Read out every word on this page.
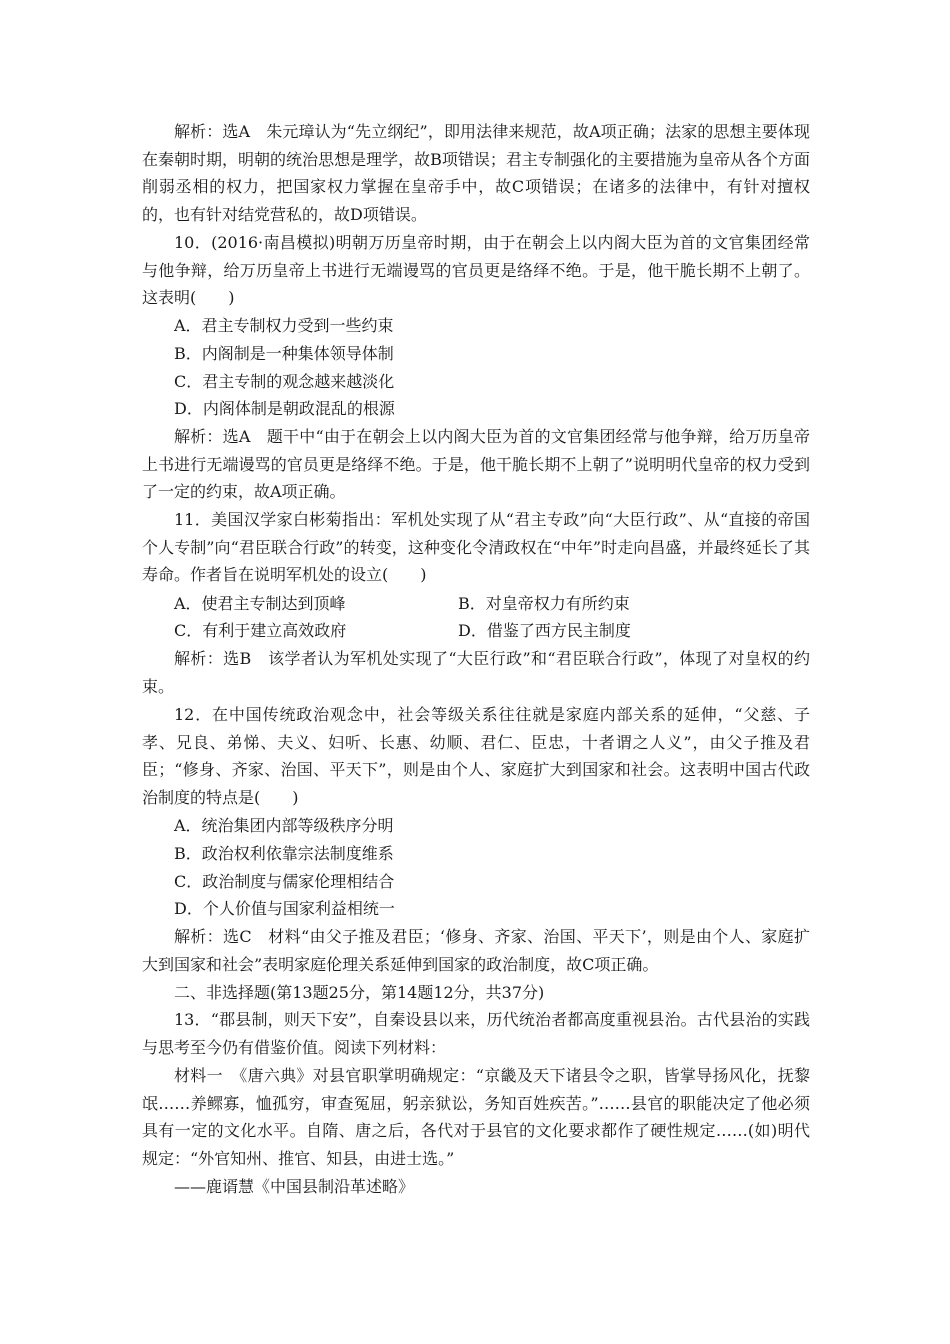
解析：选A　朱元璋认为“先立纲纪”，即用法律来规范，故A项正确；法家的思想主要体现在秦朝时期，明朝的统治思想是理学，故B项错误；君主专制强化的主要措施为皇帝从各个方面削弱丞相的权力，把国家权力掌握在皇帝手中，故C项错误；在诸多的法律中，有针对擅权的，也有针对结党营私的，故D项错误。

10．(2016·南昌模拟)明朝万历皇帝时期，由于在朝会上以内阁大臣为首的文官集团经常与他争辩，给万历皇帝上书进行无端谩骂的官员更是络绎不绝。于是，他干脆长期不上朝了。这表明(　　)

A．君主专制权力受到一些约束
B．内阁制是一种集体领导体制
C．君主专制的观念越来越淡化
D．内阁体制是朝政混乱的根源

解析：选A　题干中“由于在朝会上以内阁大臣为首的文官集团经常与他争辩，给万历皇帝上书进行无端谩骂的官员更是络绎不绝。于是，他干脆长期不上朝了”说明明代皇帝的权力受到了一定的约束，故A项正确。

11．美国汉学家白彬菊指出：军机处实现了从“君主专政”向“大臣行政”、从“直接的帝国个人专制”向“君臣联合行政”的转变，这种变化令清政权在“中年”时走向昌盛，并最终延长了其寿命。作者旨在说明军机处的设立(　　)

A．使君主专制达到顶峰	B．对皇帝权力有所约束
C．有利于建立高效政府	D．借鉴了西方民主制度

解析：选B　该学者认为军机处实现了“大臣行政”和“君臣联合行政”，体现了对皇权的约束。

12．在中国传统政治观念中，社会等级关系往往就是家庭内部关系的延伸，“父慈、子孝、兄良、弟悌、夫义、妇听、长惠、幼顺、君仁、臣忠，十者谓之人义”，由父子推及君臣；“修身、齐家、治国、平天下”，则是由个人、家庭扩大到国家和社会。这表明中国古代政治制度的特点是(　　)

A．统治集团内部等级秩序分明
B．政治权利依靠宗法制度维系
C．政治制度与儒家伦理相结合
D．个人价值与国家利益相统一

解析：选C　材料“由父子推及君臣；‘修身、齐家、治国、平天下’，则是由个人、家庭扩大到国家和社会”表明家庭伦理关系延伸到国家的政治制度，故C项正确。

二、非选择题(第13题25分，第14题12分，共37分)

13．“郡县制，则天下安”，自秦设县以来，历代统治者都高度重视县治。古代县治的实践与思考至今仍有借鉴价值。阅读下列材料：

材料一　《唐六典》对县官职掌明确规定：“京畿及天下诸县令之职，皆掌导扬风化，抚黎氓……养鳏寡，恤孤穷，审查冤屈，躬亲狱讼，务知百姓疾苦。”……县官的职能决定了他必须具有一定的文化水平。自隋、唐之后，各代对于县官的文化要求都作了硬性规定……(如)明代规定：“外官知州、推官、知县，由进士选。”

——鹿谞慧《中国县制沿革述略》
